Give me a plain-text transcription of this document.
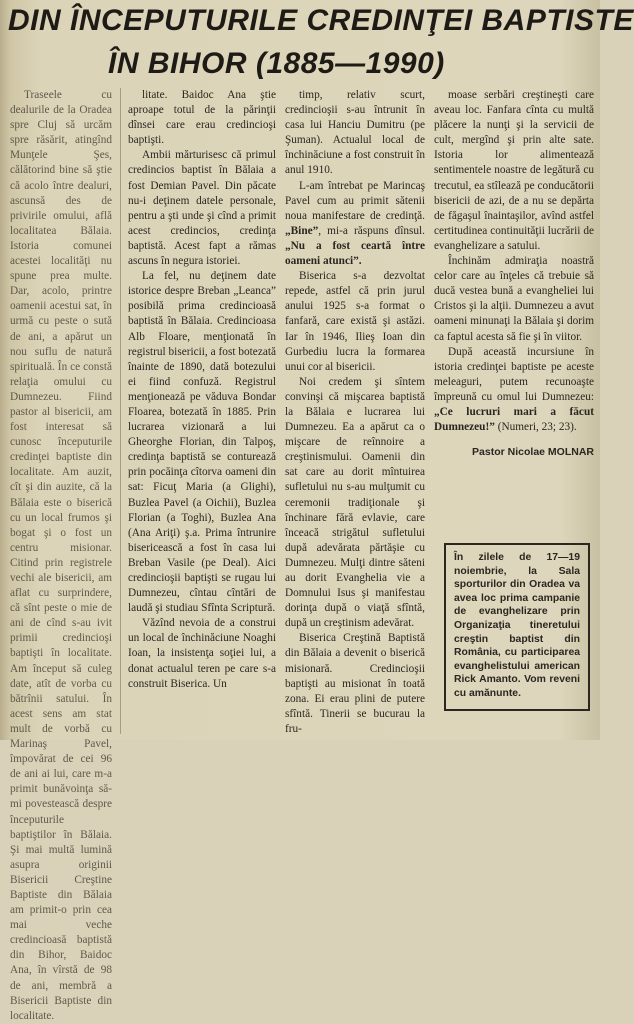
DIN ÎNCEPUTURILE CREDINŢEI BAPTISTE
ÎN BIHOR (1885—1990)

Traseele cu dealurile de la Oradea spre Cluj să urcăm spre răsărit, atingînd Munţele Şes, călătorind bine să ştie că acolo între dealuri, ascunsă des de privirile omului, află localitatea Bălaia. Istoria comunei acestei localităţi nu spune prea multe. Dar, acolo, printre oamenii acestui sat, în urmă cu peste o sută de ani, a apărut un nou suflu de natură spirituală. În ce constă relaţia omului cu Dumnezeu. Fiind pastor al bisericii, am fost interesat să cunosc începuturile credinţei baptiste din localitate. Am auzit, cît şi din auzite, că la Bălaia este o biserică cu un local frumos şi bogat şi o fost un centru misionar. Citind prin registrele vechi ale bisericii, am aflat cu surprindere, că sînt peste o mie de ani de cînd s-au ivit primii credincioşi baptişti în localitate. Am început să culeg date, atît de vorba cu bătrînii satului. În acest sens am stat mult de vorbă cu Marinaş Pavel, împovărat de cei 96 de ani ai lui, care m-a primit bunăvoinţa să-mi povestească despre începuturile baptiştilor în Bălaia. Şi mai multă lumină asupra originii Bisericii Creştine Baptiste din Bălaia am primit-o prin cea mai veche credincioasă baptistă din Bihor, Baidoc Ana, în vîrstă de 98 de ani, membră a Bisericii Baptiste din localitate.

litate. Baidoc Ana ştie aproape totul de la părinţii dînsei care erau credincioşi baptişti.

Ambii mărturisesc că primul credincios baptist în Bălaia a fost Demian Pavel. Din păcate nu-i deţinem datele personale, pentru a şti unde şi cînd a primit acest credincios, credinţa baptistă. Acest fapt a rămas ascuns în negura istoriei.

La fel, nu deţinem date istorice despre Breban „Leanca” posibilă prima credincioasă baptistă în Bălaia. Credincioasa Alb Floare, menţionată în registrul bisericii, a fost botezată înainte de 1890, dată botezului ei fiind confuză. Registrul menţionează pe văduva Bondar Floarea, botezată în 1885. Prin lucrarea vizionară a lui Gheorghe Florian, din Talpoş, credinţa baptistă se conturează prin pocăinţa cîtorva oameni din sat: Ficuţ Maria (a Glighi), Buzlea Pavel (a Oichii), Buzlea Florian (a Toghi), Buzlea Ana (Ana Ariţi) ş.a. Prima întrunire bisericească a fost în casa lui Breban Vasile (pe Deal). Aici credincioşii baptişti se rugau lui Dumnezeu, cîntau cîntări de laudă şi studiau Sfînta Scriptură.

Văzînd nevoia de a construi un local de închinăciune Noaghi Ioan, la insistenţa soţiei lui, a donat actualul teren pe care s-a construit Biserica. Un

timp, relativ scurt, credincioşii s-au întrunit în casa lui Hanciu Dumitru (pe Şuman). Actualul local de închinăciune a fost construit în anul 1910.

L-am întrebat pe Marincaş Pavel cum au primit sătenii noua manifestare de credinţă. „Bine”, mi-a răspuns dînsul. „Nu a fost ceartă între oameni atunci”.

Biserica s-a dezvoltat repede, astfel că prin jurul anului 1925 s-a format o fanfară, care există şi astăzi. Iar în 1946, Ilieş Ioan din Gurbediu lucra la formarea unui cor al bisericii.

Noi credem şi sîntem convinşi că mişcarea baptistă la Bălaia e lucrarea lui Dumnezeu. Ea a apărut ca o mişcare de reînnoire a creştinismului. Oamenii din sat care au dorit mîntuirea sufletului nu s-au mulţumit cu ceremonii tradiţionale şi închinare fără evlavie, care înceacă strigătul sufletului după adevărata părtăşie cu Dumnezeu. Mulţi dintre săteni au dorit Evanghelia vie a Domnului Isus şi manifestau dorinţa după o viaţă sfîntă, după un creştinism adevărat.

Biserica Creştină Baptistă din Bălaia a devenit o biserică misionară. Credincioşii baptişti au misionat în toată zona. Ei erau plini de putere sfîntă. Tinerii se bucurau la fru-

moase serbări creştineşti care aveau loc. Fanfara cînta cu multă plăcere la nunţi şi la servicii de cult, mergînd şi prin alte sate. Istoria lor alimentează sentimentele noastre de legătură cu trecutul, ea stîlează pe conducătorii bisericii de azi, de a nu se depărta de făgaşul înaintaşilor, avînd astfel certitudinea continuităţii lucrării de evanghelizare a satului.

Închinăm admiraţia noastră celor care au înţeles că trebuie să ducă vestea bună a evangheliei lui Cristos şi la alţii. Dumnezeu a avut oameni minunaţi la Bălaia şi dorim ca faptul acesta să fie şi în viitor.

După această incursiune în istoria credinţei baptiste pe aceste meleaguri, putem recunoaşte împreună cu omul lui Dumnezeu: „Ce lucruri mari a făcut Dumnezeu!” (Numeri, 23; 23).

Pastor Nicolae MOLNAR
În zilele de 17—19 noiembrie, la Sala sporturilor din Oradea va avea loc prima campanie de evanghelizare prin Organizaţia tineretului creştin baptist din România, cu participarea evanghelistului american Rick Amanto. Vom reveni cu amănunte.
